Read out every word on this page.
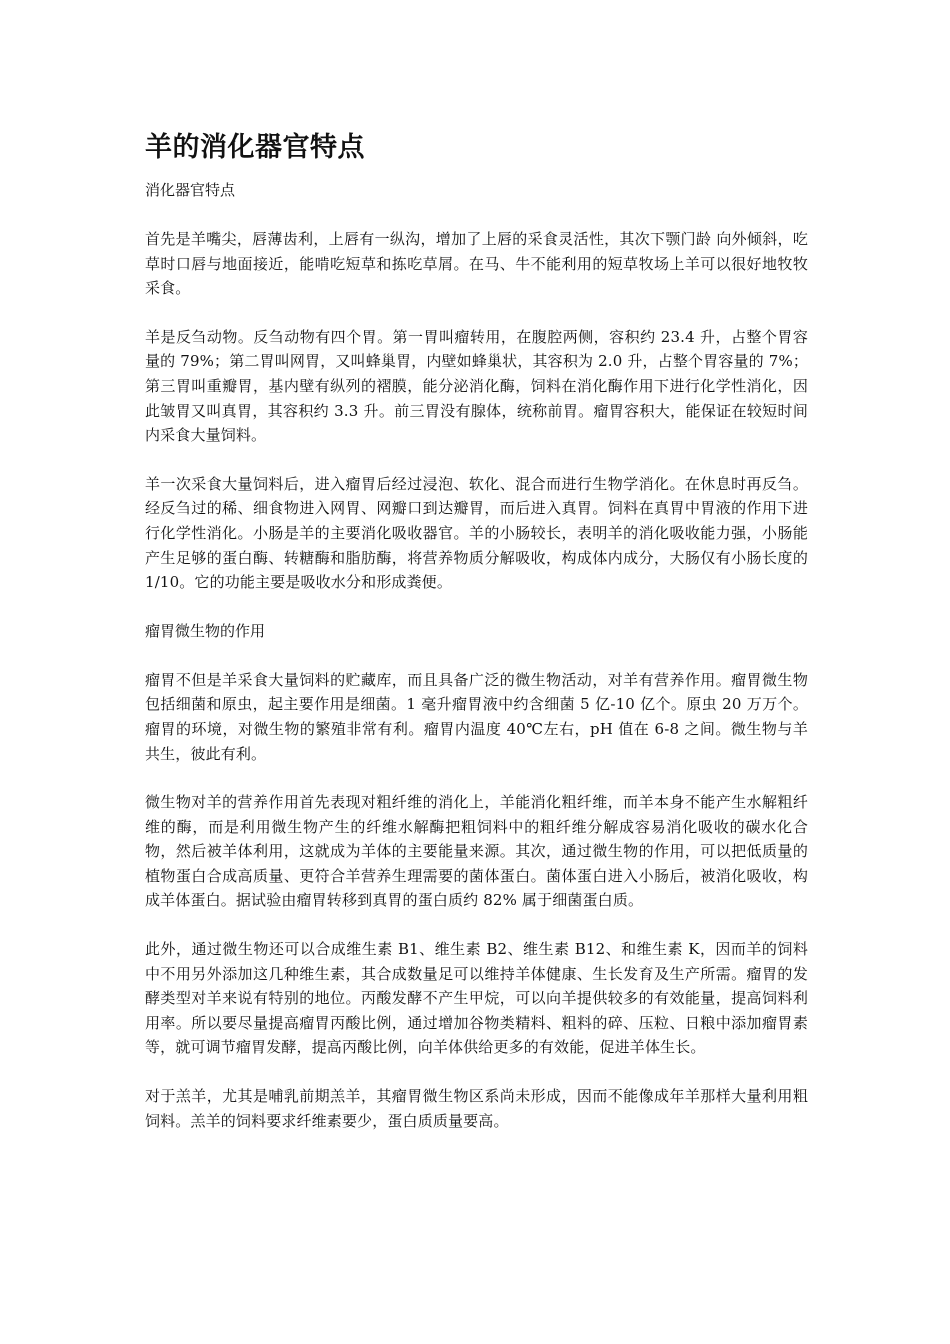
羊的消化器官特点
消化器官特点

首先是羊嘴尖，唇薄齿利，上唇有一纵沟，增加了上唇的采食灵活性，其次下颚门龄 向外倾斜，吃草时口唇与地面接近，能啃吃短草和拣吃草屑。在马、牛不能利用的短草牧场上羊可以很好地牧牧采食。

羊是反刍动物。反刍动物有四个胃。第一胃叫瘤转用，在腹腔两侧，容积约 23.4 升，占整个胃容量的 79%；第二胃叫网胃，又叫蜂巢胃，内壁如蜂巢状，其容积为 2.0 升，占整个胃容量的 7%；第三胃叫重瓣胃，基内壁有纵列的褶膜，能分泌消化酶，饲料在消化酶作用下进行化学性消化，因此皱胃又叫真胃，其容积约 3.3 升。前三胃没有腺体，统称前胃。瘤胃容积大，能保证在较短时间内采食大量饲料。

羊一次采食大量饲料后，进入瘤胃后经过浸泡、软化、混合而进行生物学消化。在休息时再反刍。经反刍过的稀、细食物进入网胃、网瓣口到达瓣胃，而后进入真胃。饲料在真胃中胃液的作用下进行化学性消化。小肠是羊的主要消化吸收器官。羊的小肠较长，表明羊的消化吸收能力强，小肠能产生足够的蛋白酶、转糖酶和脂肪酶，将营养物质分解吸收，构成体内成分，大肠仅有小肠长度的 1/10。它的功能主要是吸收水分和形成粪便。

瘤胃微生物的作用

瘤胃不但是羊采食大量饲料的贮藏库，而且具备广泛的微生物活动，对羊有营养作用。瘤胃微生物包括细菌和原虫，起主要作用是细菌。1 毫升瘤胃液中约含细菌 5 亿-10 亿个。原虫 20 万万个。瘤胃的环境，对微生物的繁殖非常有利。瘤胃内温度 40℃左右，pH 值在 6-8 之间。微生物与羊共生，彼此有利。

微生物对羊的营养作用首先表现对粗纤维的消化上，羊能消化粗纤维，而羊本身不能产生水解粗纤维的酶，而是利用微生物产生的纤维水解酶把粗饲料中的粗纤维分解成容易消化吸收的碳水化合物，然后被羊体利用，这就成为羊体的主要能量来源。其次，通过微生物的作用，可以把低质量的植物蛋白合成高质量、更符合羊营养生理需要的菌体蛋白。菌体蛋白进入小肠后，被消化吸收，构成羊体蛋白。据试验由瘤胃转移到真胃的蛋白质约 82% 属于细菌蛋白质。

此外，通过微生物还可以合成维生素 B1、维生素 B2、维生素 B12、和维生素 K，因而羊的饲料中不用另外添加这几种维生素，其合成数量足可以维持羊体健康、生长发育及生产所需。瘤胃的发酵类型对羊来说有特别的地位。丙酸发酵不产生甲烷，可以向羊提供较多的有效能量，提高饲料利用率。所以要尽量提高瘤胃丙酸比例，通过增加谷物类精料、粗料的碎、压粒、日粮中添加瘤胃素等，就可调节瘤胃发酵，提高丙酸比例，向羊体供给更多的有效能，促进羊体生长。

对于羔羊，尤其是哺乳前期羔羊，其瘤胃微生物区系尚未形成，因而不能像成年羊那样大量利用粗饲料。羔羊的饲料要求纤维素要少，蛋白质质量要高。
